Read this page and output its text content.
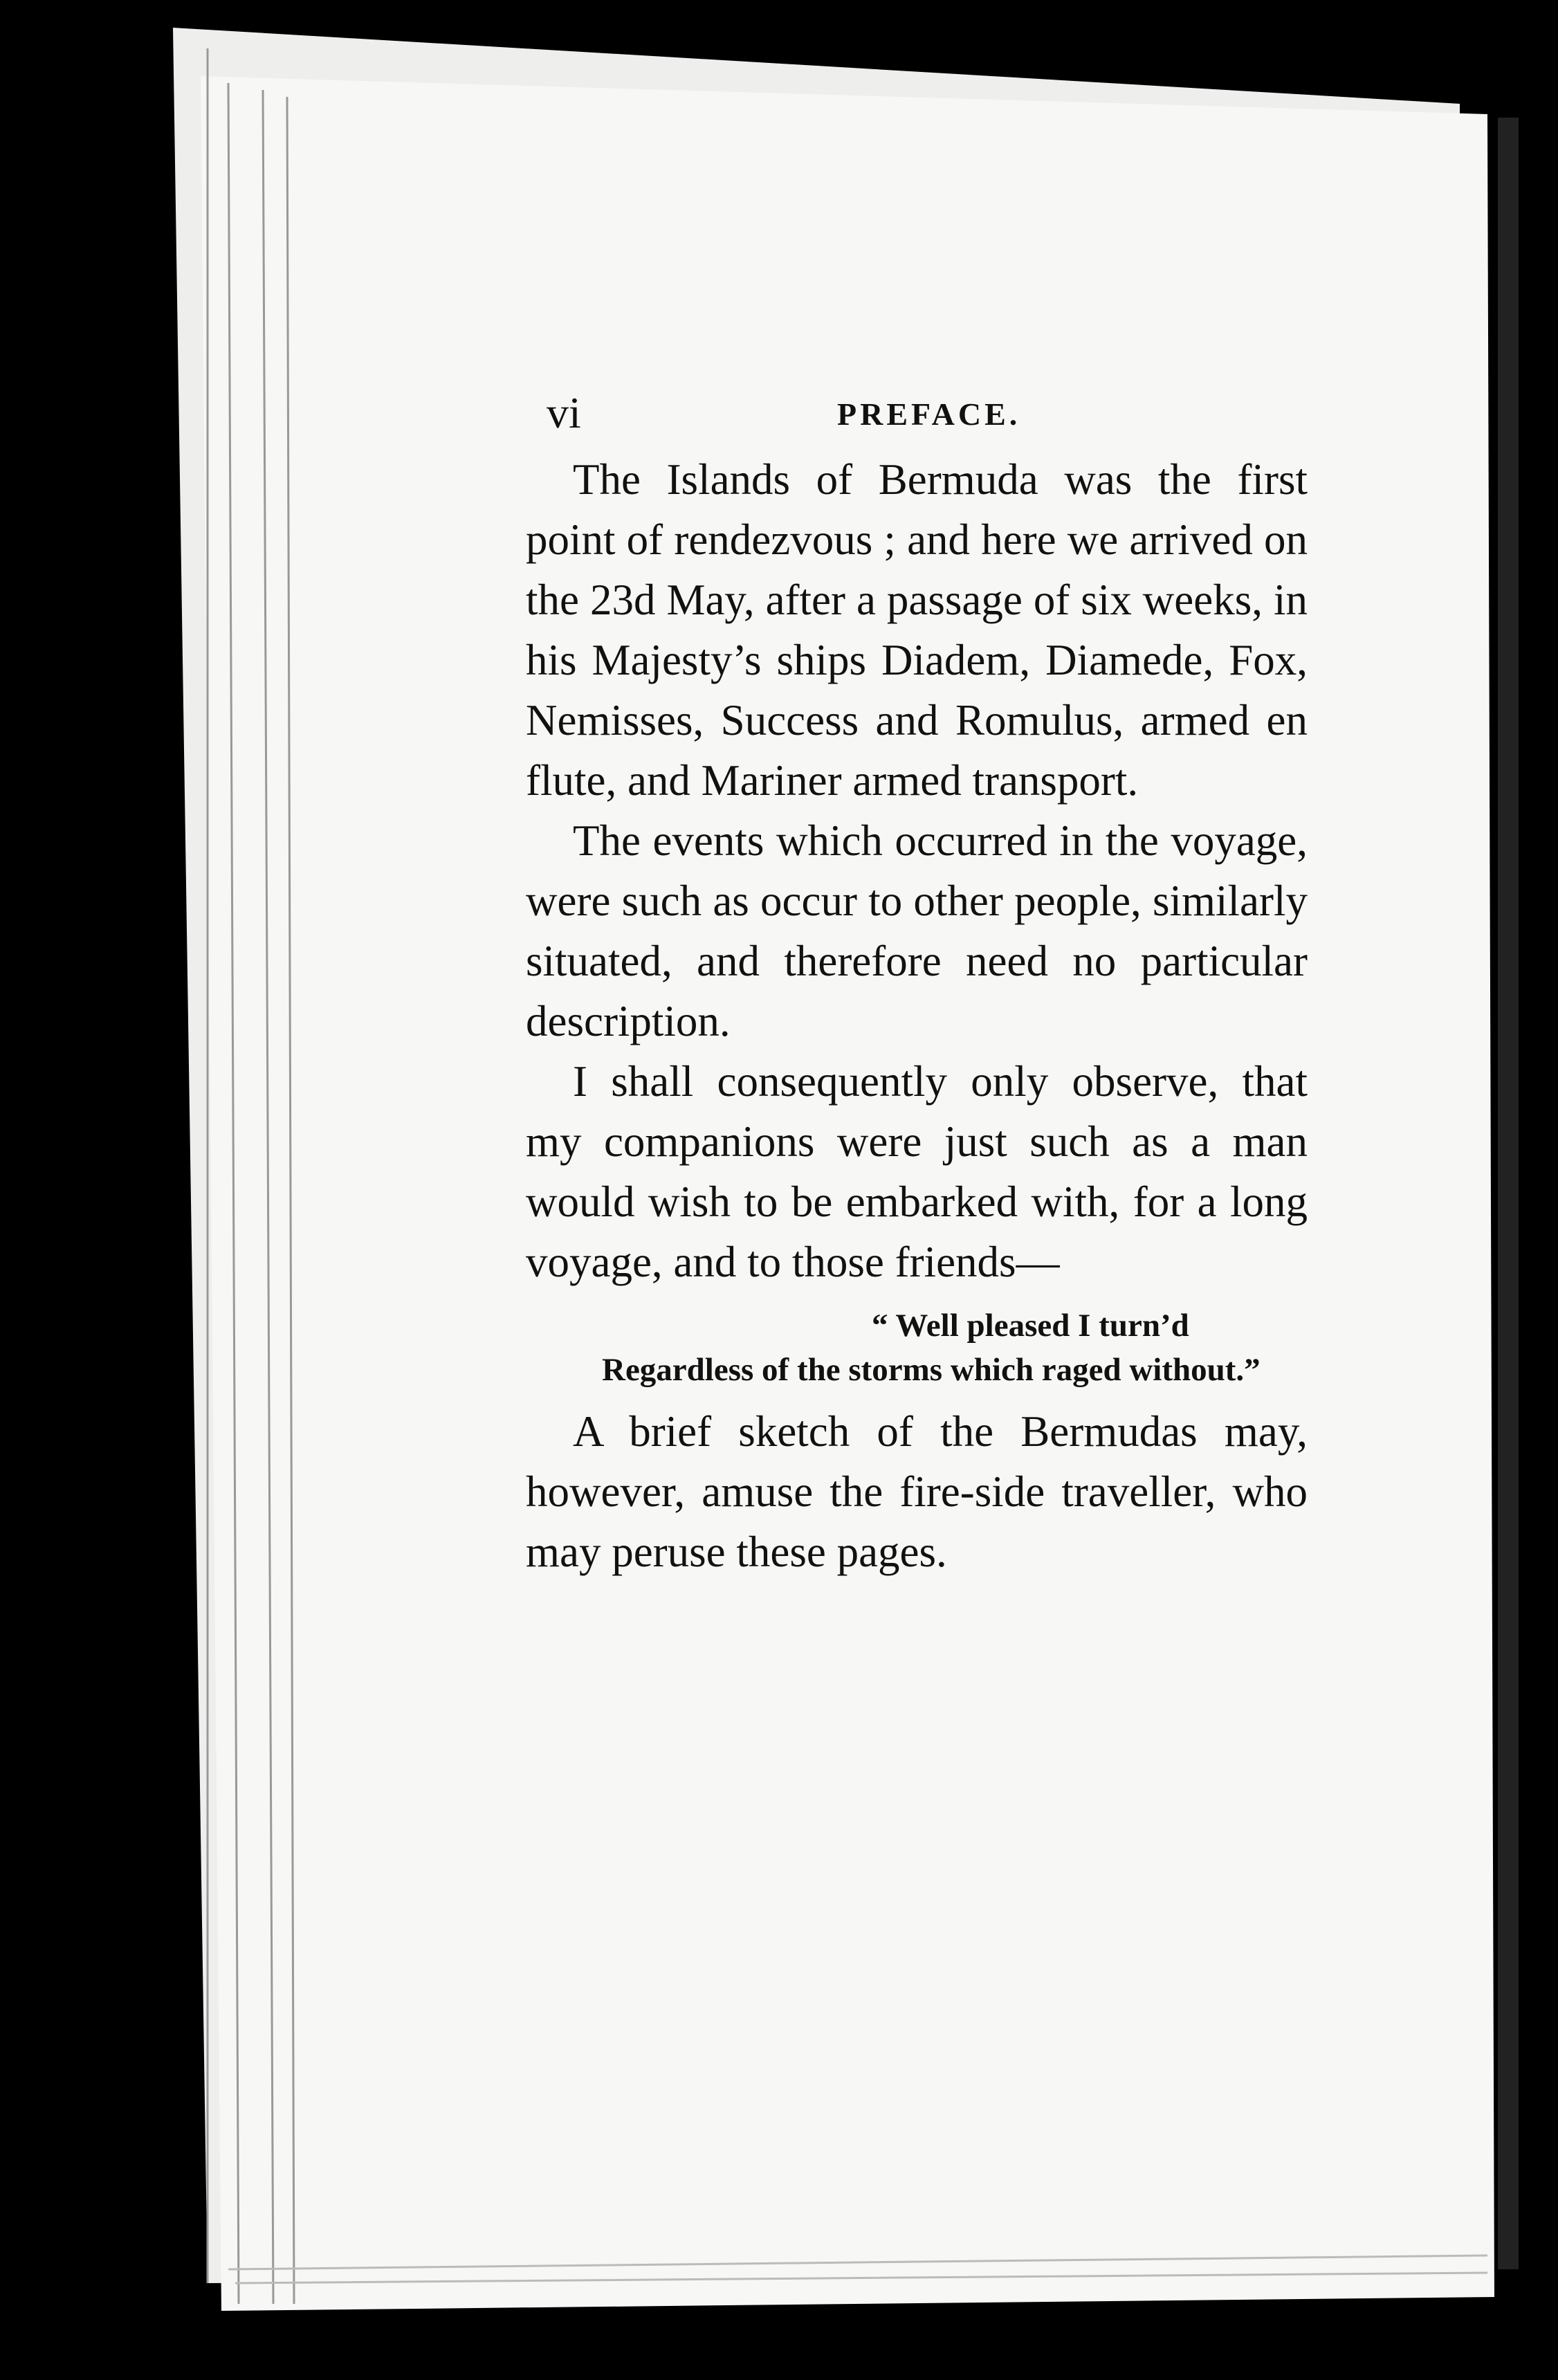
vi	PREFACE.

The Islands of Bermuda was the first point of rendezvous ; and here we arrived on the 23d May, after a passage of six weeks, in his Majesty’s ships Diadem, Diamede, Fox, Nemisses, Success and Romulus, armed en flute, and Mariner armed transport.

The events which occurred in the voyage, were such as occur to other people, similarly situated, and therefore need no particular description.

I shall consequently only observe, that my companions were just such as a man would wish to be embarked with, for a long voyage, and to those friends—

“ Well pleased I turn’d
Regardless of the storms which raged without.”

A brief sketch of the Bermudas may, however, amuse the fire-side traveller, who may peruse these pages.
